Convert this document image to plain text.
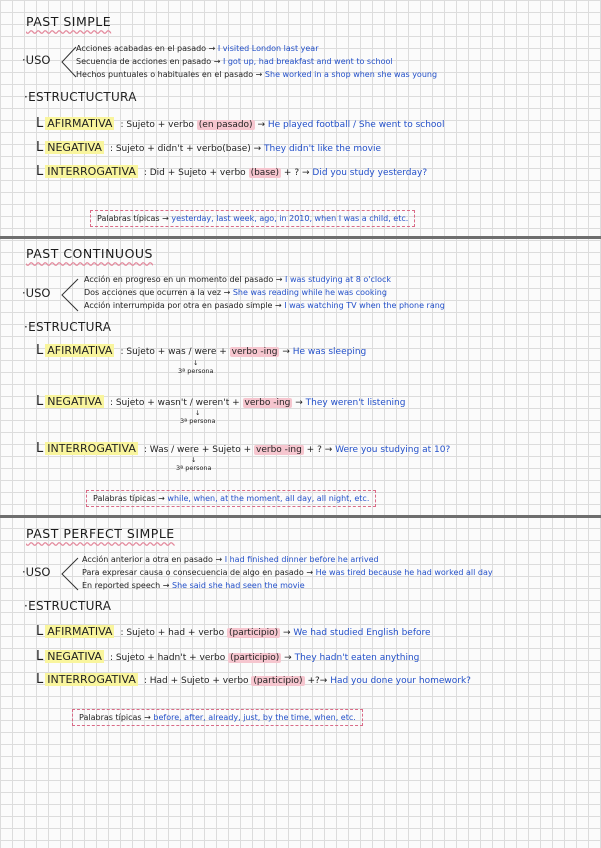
PAST SIMPLE
·USO
Acciones acabadas en el pasado → I visited London last year
Secuencia de acciones en pasado → I got up, had breakfast and went to school
Hechos puntuales o habituales en el pasado → She worked in a shop when she was young
·ESTRUCTUCTURA
L AFIRMATIVA : Sujeto + verbo (en pasado) → He played football / She went to school
L NEGATIVA : Sujeto + didn't + verbo(base) → They didn't like the movie
L INTERROGATIVA : Did + Sujeto + verbo (base) + ? → Did you study yesterday?
Palabras típicas → yesterday, last week, ago, in 2010, when I was a child, etc.
PAST CONTINUOUS
·USO
Acción en progreso en un momento del pasado → I was studying at 8 o'clock
Dos acciones que ocurren a la vez → She was reading while he was cooking
Acción interrumpida por otra en pasado simple → I was watching TV when the phone rang
·ESTRUCTURA
L AFIRMATIVA : Sujeto + was / were + verbo -ing → He was sleeping
↓
3ª persona
L NEGATIVA : Sujeto + wasn't / weren't + verbo -ing → They weren't listening
↓
3ª persona
L INTERROGATIVA : Was / were + Sujeto + verbo -ing + ? → Were you studying at 10?
↓
3ª persona
Palabras típicas → while, when, at the moment, all day, all night, etc.
PAST PERFECT SIMPLE
·USO
Acción anterior a otra en pasado → I had finished dinner before he arrived
Para expresar causa o consecuencia de algo en pasado → He was tired because he had worked all day
En reported speech → She said she had seen the movie
·ESTRUCTURA
L AFIRMATIVA : Sujeto + had + verbo (participio) → We had studied English before
L NEGATIVA : Sujeto + hadn't + verbo (participio) → They hadn't eaten anything
L INTERROGATIVA : Had + Sujeto + verbo (participio) +?→ Had you done your homework?
Palabras típicas → before, after, already, just, by the time, when, etc.
